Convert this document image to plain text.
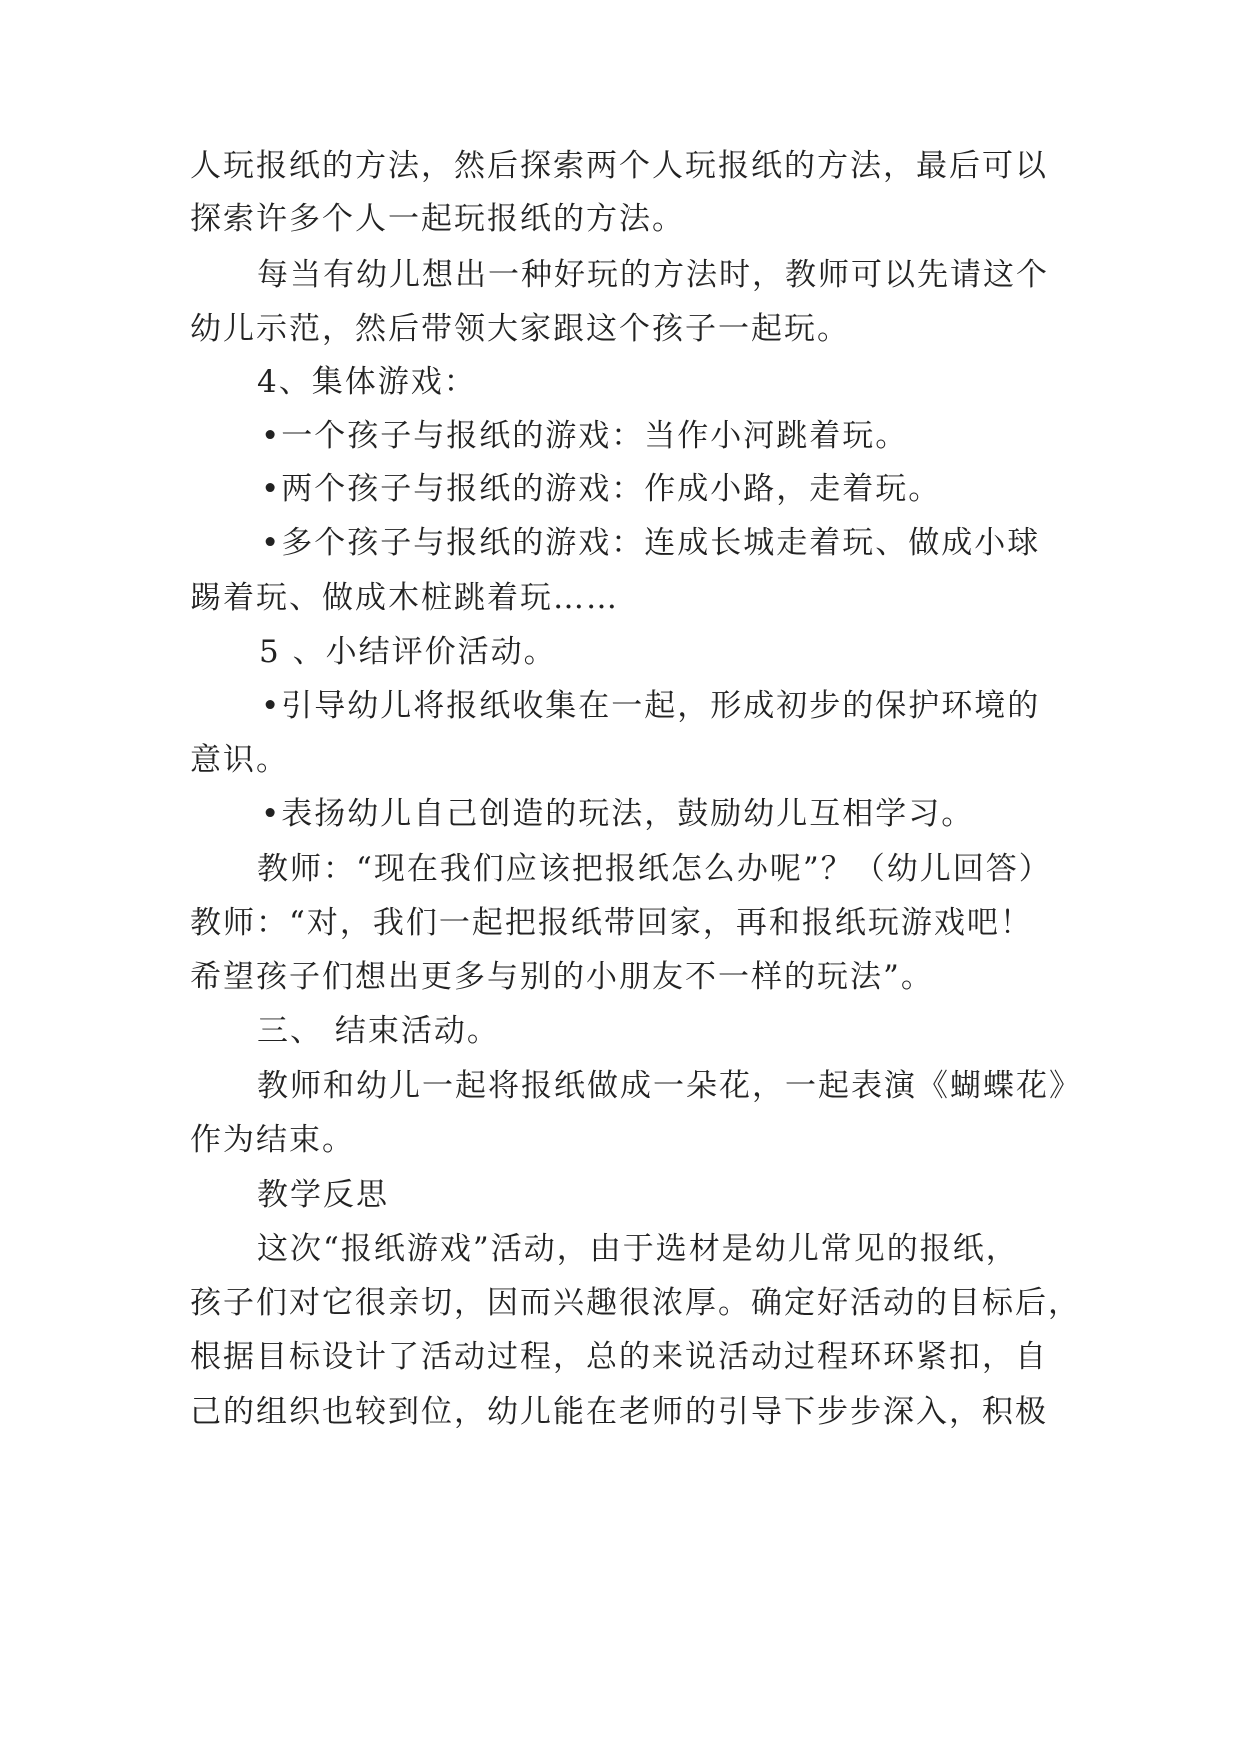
人玩报纸的方法，然后探索两个人玩报纸的方法，最后可以
探索许多个人一起玩报纸的方法。
每当有幼儿想出一种好玩的方法时，教师可以先请这个
幼儿示范，然后带领大家跟这个孩子一起玩。
4、集体游戏：
•一个孩子与报纸的游戏：当作小河跳着玩。
•两个孩子与报纸的游戏：作成小路，走着玩。
•多个孩子与报纸的游戏：连成长城走着玩、做成小球
踢着玩、做成木桩跳着玩……
5 、小结评价活动。
•引导幼儿将报纸收集在一起，形成初步的保护环境的
意识。
•表扬幼儿自己创造的玩法，鼓励幼儿互相学习。
教师：“现在我们应该把报纸怎么办呢”？（幼儿回答）
教师：“对，我们一起把报纸带回家，再和报纸玩游戏吧！
希望孩子们想出更多与别的小朋友不一样的玩法”。
三、 结束活动。
教师和幼儿一起将报纸做成一朵花，一起表演《蝴蝶花》
作为结束。
教学反思
这次“报纸游戏”活动，由于选材是幼儿常见的报纸，
孩子们对它很亲切，因而兴趣很浓厚。确定好活动的目标后，
根据目标设计了活动过程，总的来说活动过程环环紧扣，自
己的组织也较到位，幼儿能在老师的引导下步步深入，积极
